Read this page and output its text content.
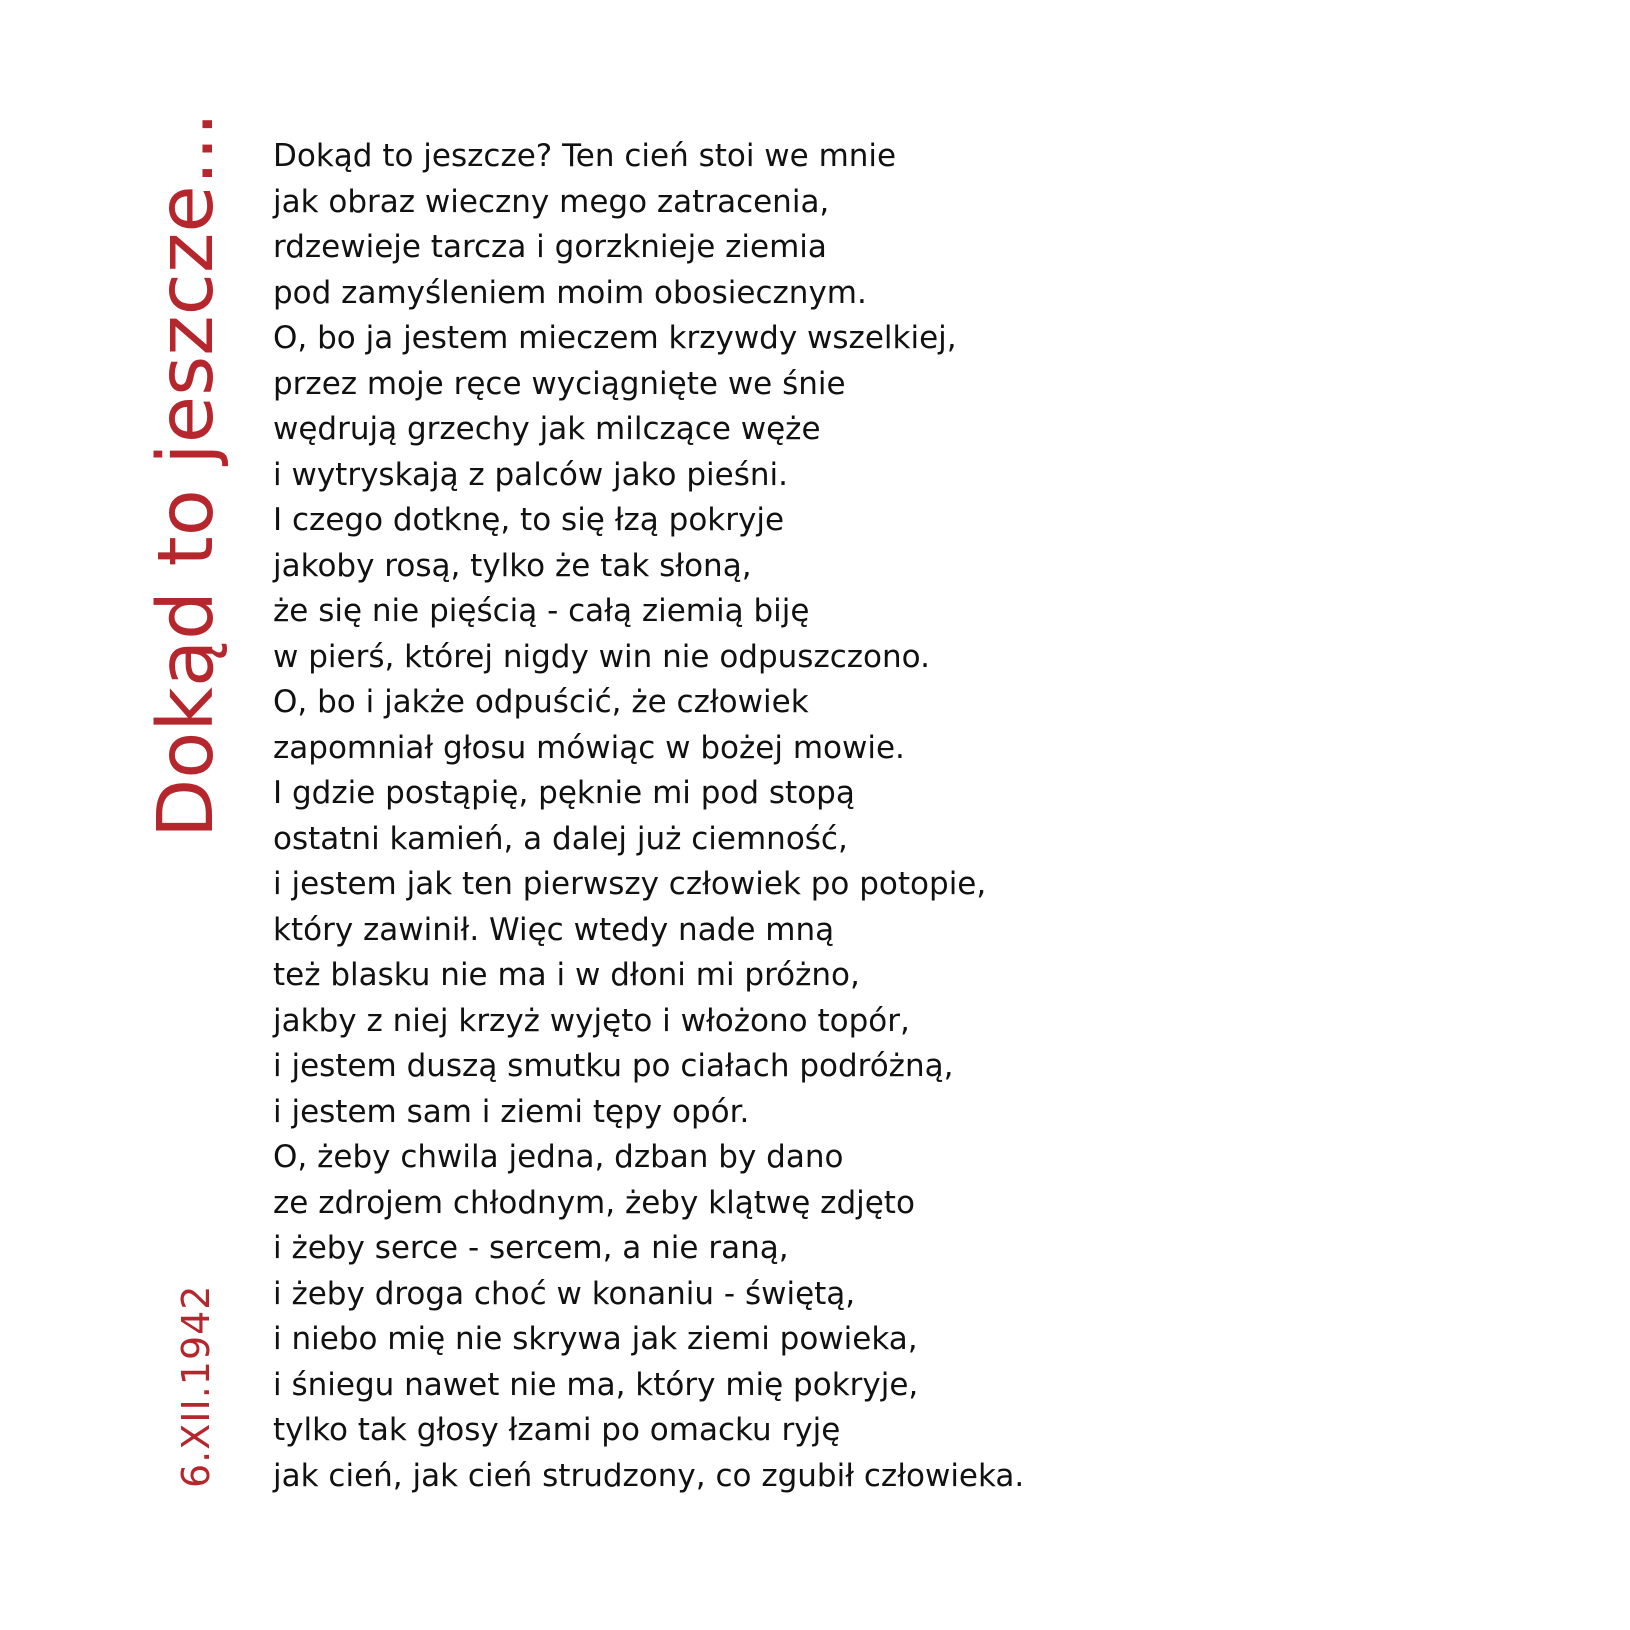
Dokąd to jeszcze...
6.XII.1942
Dokąd to jeszcze? Ten cień stoi we mnie
jak obraz wieczny mego zatracenia,
rdzewieje tarcza i gorzknieje ziemia
pod zamyśleniem moim obosiecznym.
O, bo ja jestem mieczem krzywdy wszelkiej,
przez moje ręce wyciągnięte we śnie
wędrują grzechy jak milczące węże
i wytryskają z palców jako pieśni.
I czego dotknę, to się łzą pokryje
jakoby rosą, tylko że tak słoną,
że się nie pięścią - całą ziemią biję
w pierś, której nigdy win nie odpuszczono.
O, bo i jakże odpuścić, że człowiek
zapomniał głosu mówiąc w bożej mowie.
I gdzie postąpię, pęknie mi pod stopą
ostatni kamień, a dalej już ciemność,
i jestem jak ten pierwszy człowiek po potopie,
który zawinił. Więc wtedy nade mną
też blasku nie ma i w dłoni mi próżno,
jakby z niej krzyż wyjęto i włożono topór,
i jestem duszą smutku po ciałach podróżną,
i jestem sam i ziemi tępy opór.
O, żeby chwila jedna, dzban by dano
ze zdrojem chłodnym, żeby klątwę zdjęto
i żeby serce - sercem, a nie raną,
i żeby droga choć w konaniu - świętą,
i niebo mię nie skrywa jak ziemi powieka,
i śniegu nawet nie ma, który mię pokryje,
tylko tak głosy łzami po omacku ryję
jak cień, jak cień strudzony, co zgubił człowieka.
